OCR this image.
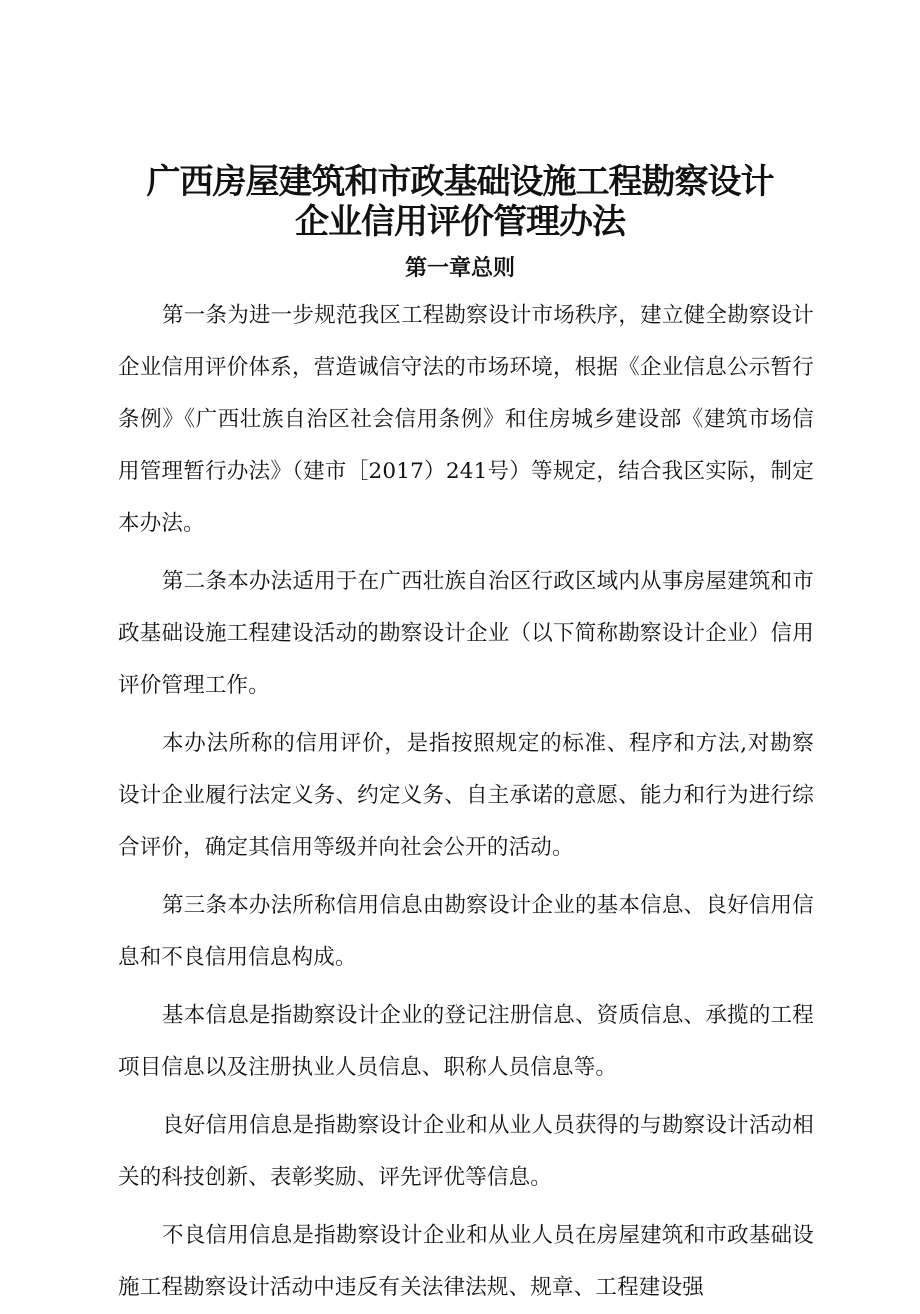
广西房屋建筑和市政基础设施工程勘察设计
企业信用评价管理办法
第一章总则

第一条为进一步规范我区工程勘察设计市场秩序，建立健全勘察设计企业信用评价体系，营造诚信守法的市场环境，根据《企业信息公示暂行条例》《广西壮族自治区社会信用条例》和住房城乡建设部《建筑市场信用管理暂行办法》（建市［2017）241号）等规定，结合我区实际，制定本办法。

第二条本办法适用于在广西壮族自治区行政区域内从事房屋建筑和市政基础设施工程建设活动的勘察设计企业（以下简称勘察设计企业）信用评价管理工作。

本办法所称的信用评价，是指按照规定的标准、程序和方法,对勘察设计企业履行法定义务、约定义务、自主承诺的意愿、能力和行为进行综合评价，确定其信用等级并向社会公开的活动。

第三条本办法所称信用信息由勘察设计企业的基本信息、良好信用信息和不良信用信息构成。

基本信息是指勘察设计企业的登记注册信息、资质信息、承揽的工程项目信息以及注册执业人员信息、职称人员信息等。

良好信用信息是指勘察设计企业和从业人员获得的与勘察设计活动相关的科技创新、表彰奖励、评先评优等信息。

不良信用信息是指勘察设计企业和从业人员在房屋建筑和市政基础设施工程勘察设计活动中违反有关法律法规、规章、工程建设强
